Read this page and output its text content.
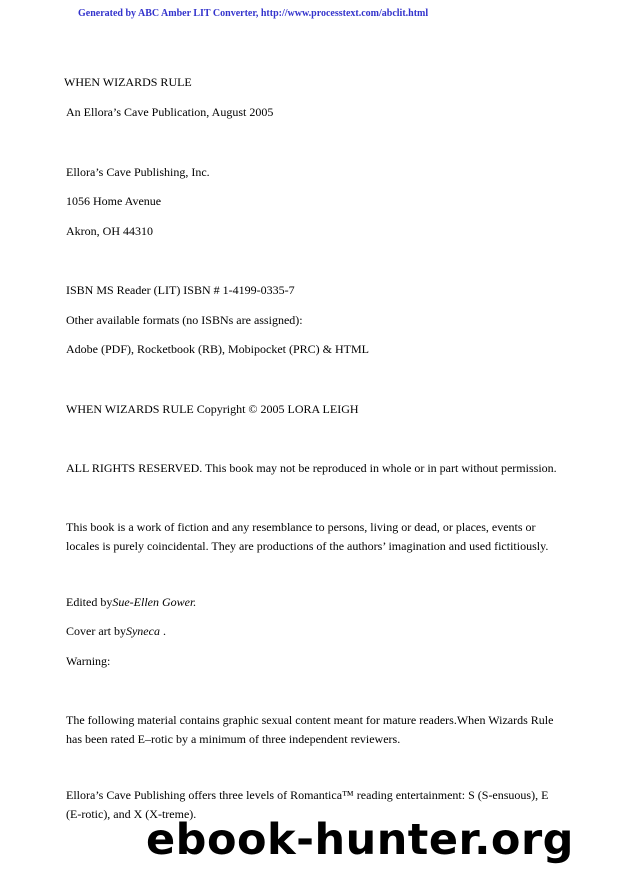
Generated by ABC Amber LIT Converter, http://www.processtext.com/abclit.html
WHEN WIZARDS RULE
An Ellora’s Cave Publication, August 2005
Ellora’s Cave Publishing, Inc.
1056 Home Avenue
Akron, OH 44310
ISBN MS Reader (LIT) ISBN # 1-4199-0335-7
Other available formats (no ISBNs are assigned):
Adobe (PDF), Rocketbook (RB), Mobipocket (PRC) & HTML
WHEN WIZARDS RULE Copyright © 2005 LORA LEIGH
ALL RIGHTS RESERVED. This book may not be reproduced in whole or in part without permission.
This book is a work of fiction and any resemblance to persons, living or dead, or places, events or locales is purely coincidental. They are productions of the authors’ imagination and used fictitiously.
Edited bySue-Ellen Gower.
Cover art bySyneca .
Warning:
The following material contains graphic sexual content meant for mature readers.When Wizards Rule has been rated E–rotic by a minimum of three independent reviewers.
Ellora’s Cave Publishing offers three levels of Romantica™ reading entertainment: S (S-ensuous), E (E-rotic), and X (X-treme).
ebook-hunter.org
